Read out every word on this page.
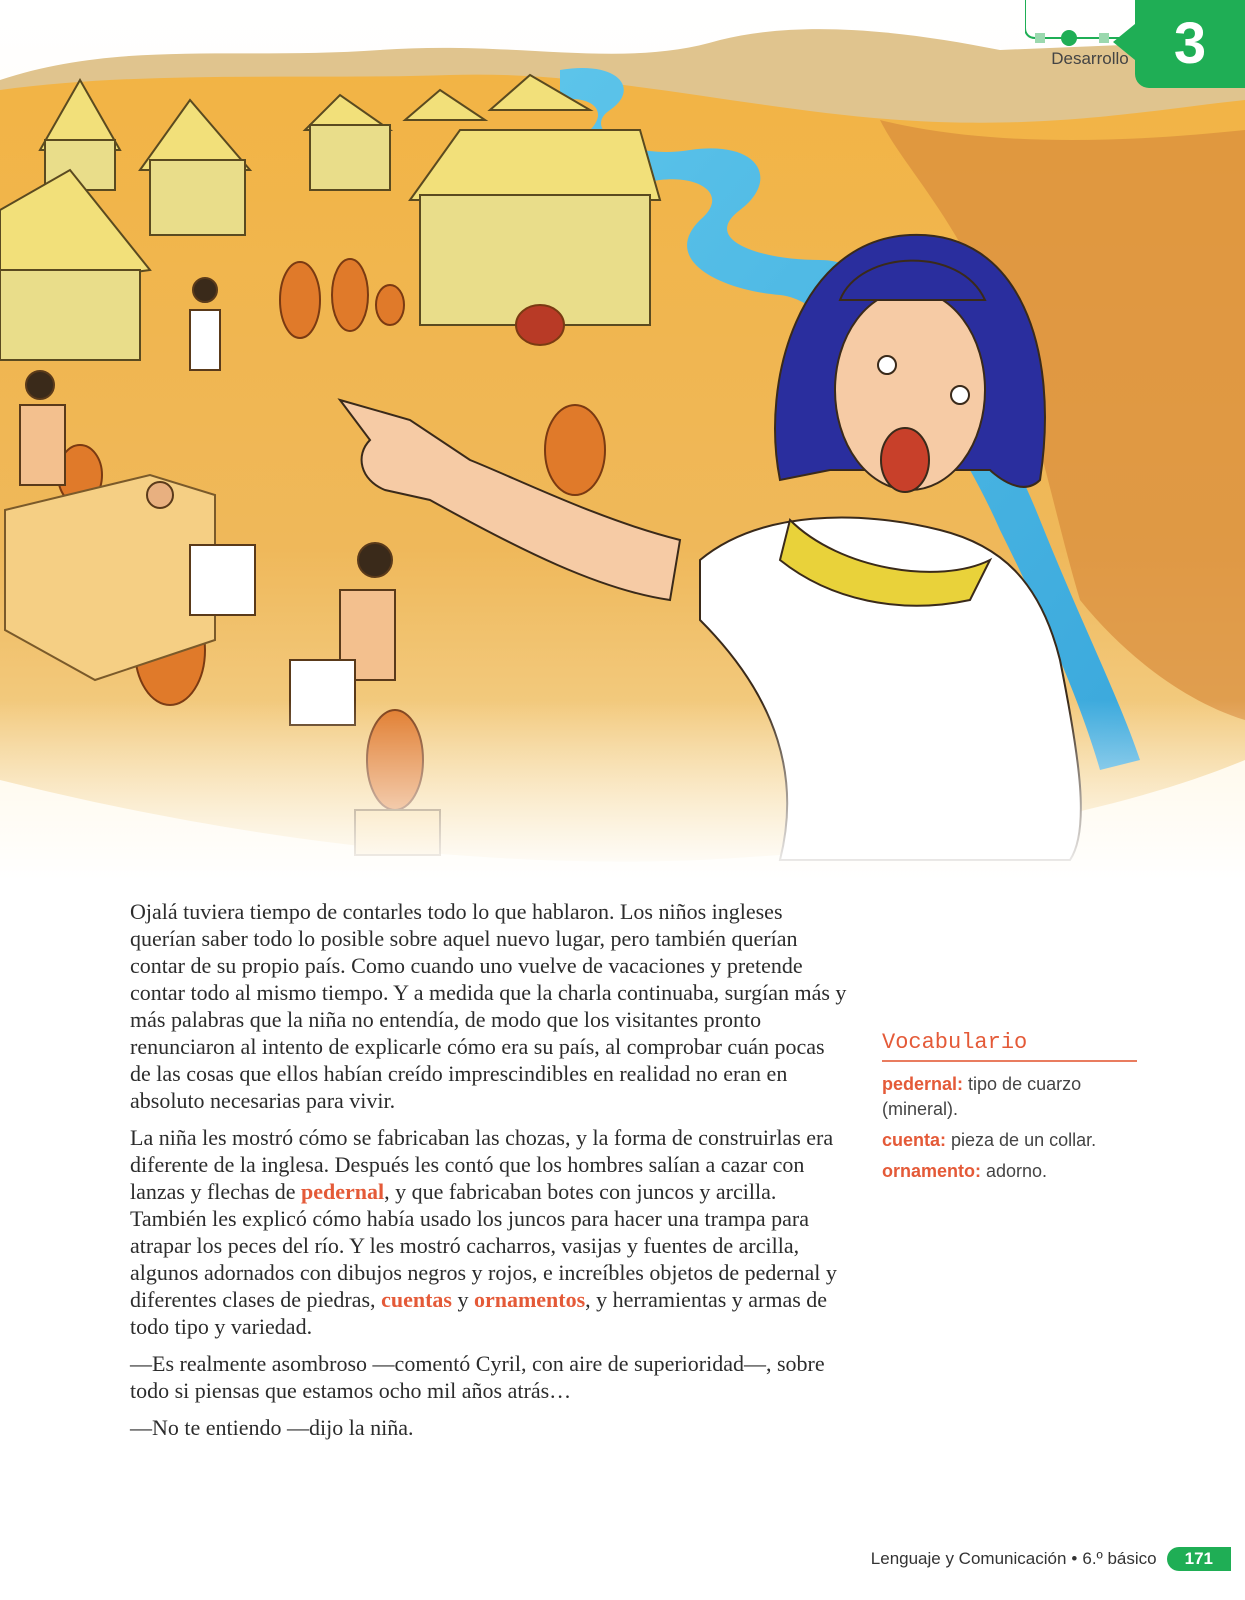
Desarrollo 3

Ojalá tuviera tiempo de contarles todo lo que hablaron. Los niños ingleses querían saber todo lo posible sobre aquel nuevo lugar, pero también querían contar de su propio país. Como cuando uno vuelve de vacaciones y pretende contar todo al mismo tiempo. Y a medida que la charla continuaba, surgían más y más palabras que la niña no entendía, de modo que los visitantes pronto renunciaron al intento de explicarle cómo era su país, al comprobar cuán pocas de las cosas que ellos habían creído imprescindibles en realidad no eran en absoluto necesarias para vivir.

La niña les mostró cómo se fabricaban las chozas, y la forma de construirlas era diferente de la inglesa. Después les contó que los hombres salían a cazar con lanzas y flechas de pedernal, y que fabricaban botes con juncos y arcilla. También les explicó cómo había usado los juncos para hacer una trampa para atrapar los peces del río. Y les mostró cacharros, vasijas y fuentes de arcilla, algunos adornados con dibujos negros y rojos, e increíbles objetos de pedernal y diferentes clases de piedras, cuentas y ornamentos, y herramientas y armas de todo tipo y variedad.

—Es realmente asombroso —comentó Cyril, con aire de superioridad—, sobre todo si piensas que estamos ocho mil años atrás…

—No te entiendo —dijo la niña.

Vocabulario
pedernal: tipo de cuarzo (mineral).
cuenta: pieza de un collar.
ornamento: adorno.
Lenguaje y Comunicación • 6.º básico	171
